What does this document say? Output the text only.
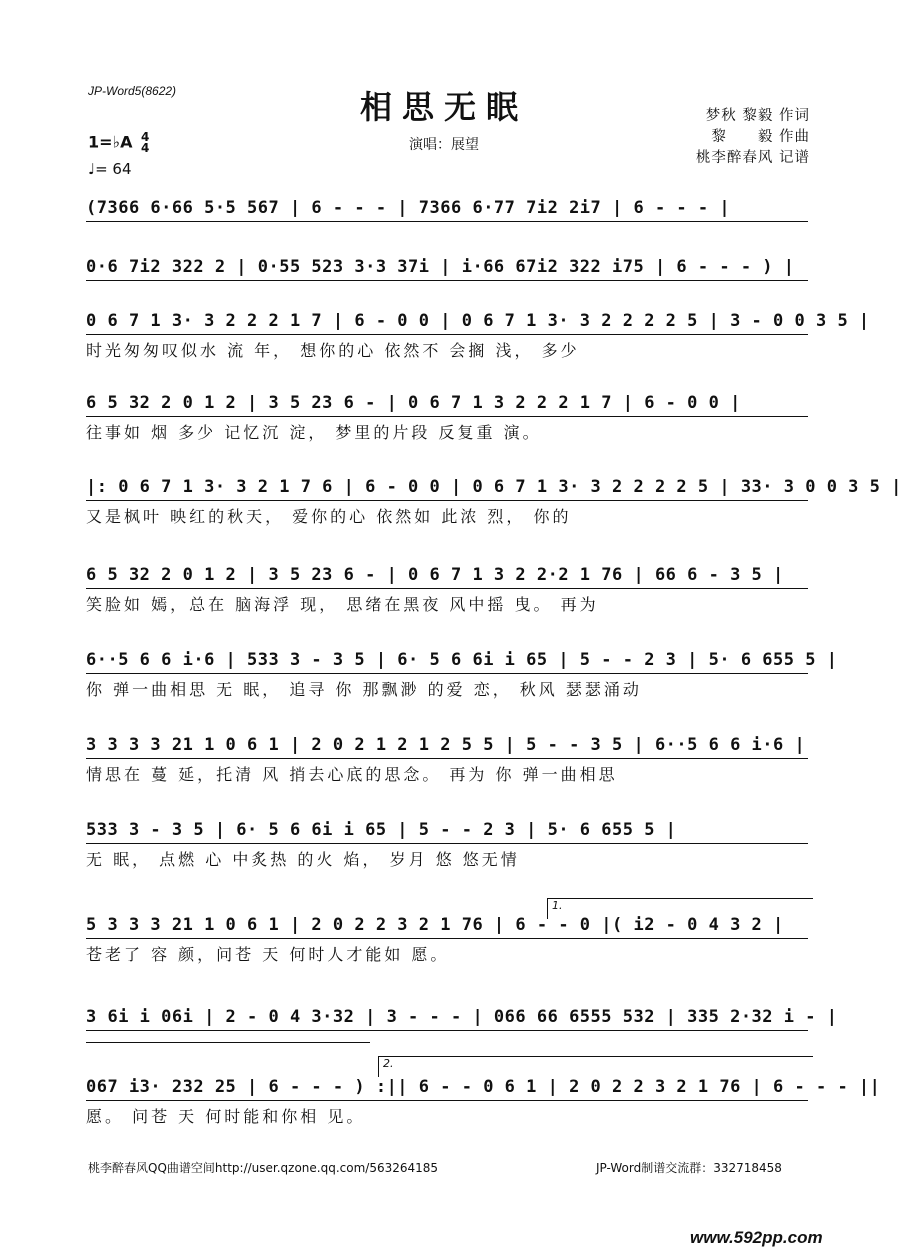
JP-Word5(8622)	相思无眠
演唱：展望
梦秋 黎毅 作词
黎　　毅 作曲
桃李醉春风 记谱
1=♭A 4
4
♩= 64
(7366 6·66 5·5 567 | 6 - - - | 7366 6·77 7i2 2i7 | 6 - - - |
0·6 7i2 322 2 | 0·55 523 3·3 37i | i·66 67i2 322 i75 | 6 - - - ) |
0 6 7 1 3· 3 2 2 2 1 7 | 6 - 0 0 | 0 6 7 1 3· 3 2 2 2 2 5 | 3 - 0 0 3 5 |
时光匆匆叹似水 流 年， 想你的心 依然不 会搁 浅， 多少
6 5 32 2 0 1 2 | 3 5 23 6 - | 0 6 7 1 3 2 2 2 1 7 | 6 - 0 0 |
往事如 烟 多少 记忆沉 淀， 梦里的片段 反复重 演。
|: 0 6 7 1 3· 3 2 1 7 6 | 6 - 0 0 | 0 6 7 1 3· 3 2 2 2 2 5 | 33· 3 0 0 3 5 |
又是枫叶 映红的秋天， 爱你的心 依然如 此浓 烈， 你的
6 5 32 2 0 1 2 | 3 5 23 6 - | 0 6 7 1 3 2 2·2 1 76 | 66 6 - 3 5 |
笑脸如 嫣，总在 脑海浮 现， 思绪在黑夜 风中摇 曳。 再为
6··5 6 6 i·6 | 533 3 - 3 5 | 6· 5 6 6i i 65 | 5 - - 2 3 | 5· 6 655 5 |
你 弹一曲相思 无 眠， 追寻 你 那飘渺 的爱 恋， 秋风 瑟瑟涌动
3 3 3 3 21 1 0 6 1 | 2 0 2 1 2 1 2 5 5 | 5 - - 3 5 | 6··5 6 6 i·6 |
情思在 蔓 延，托清 风 捎去心底的思念。 再为 你 弹一曲相思
533 3 - 3 5 | 6· 5 6 6i i 65 | 5 - - 2 3 | 5· 6 655 5 |
无 眠， 点燃 心 中炙热 的火 焰， 岁月 悠 悠无情
5 3 3 3 21 1 0 6 1 | 2 0 2 2 3 2 1 76 | 6 - - 0 |( i2 - 0 4 3 2 |
苍老了 容 颜，问苍 天 何时人才能如 愿。
3 6i i 06i | 2 - 0 4 3·32 | 3 - - - | 066 66 6555 532 | 335 2·32 i - |
067 i3· 232 25 | 6 - - - ) :|| 6 - - 0 6 1 | 2 0 2 2 3 2 1 76 | 6 - - - ||
愿。 问苍 天 何时能和你相 见。
1.
2.
桃李醉春风QQ曲谱空间http://user.qzone.qq.com/563264185	JP-Word制谱交流群：332718458
www.592pp.com
